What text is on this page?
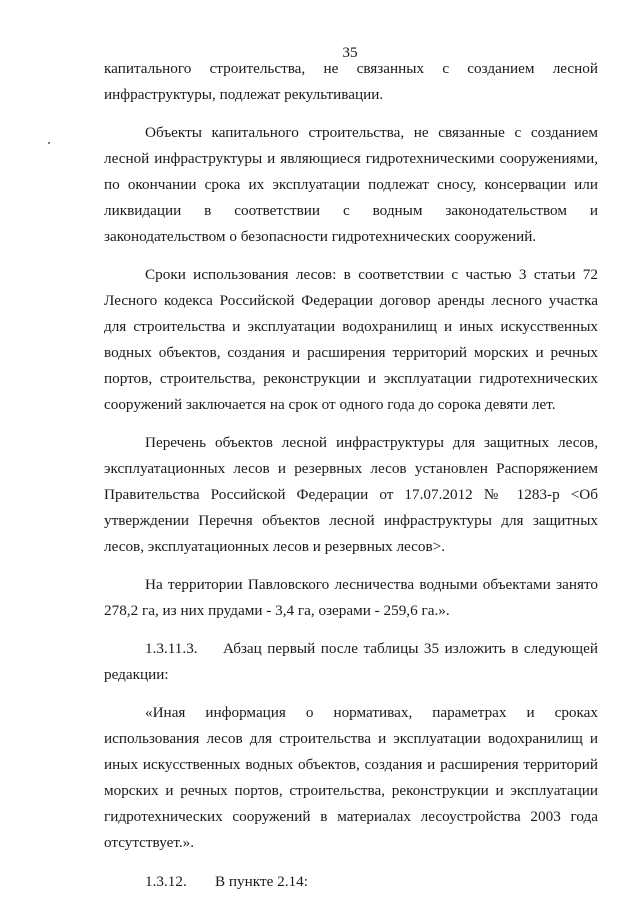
35

капитального строительства, не связанных с созданием лесной инфраструктуры, подлежат рекультивации.

Объекты капитального строительства, не связанные с созданием лесной инфраструктуры и являющиеся гидротехническими сооружениями, по окончании срока их эксплуатации подлежат сносу, консервации или ликвидации в соответствии с водным законодательством и законодательством о безопасности гидротехнических сооружений.

Сроки использования лесов: в соответствии с частью 3 статьи 72 Лесного кодекса Российской Федерации договор аренды лесного участка для строительства и эксплуатации водохранилищ и иных искусственных водных объектов, создания и расширения территорий морских и речных портов, строительства, реконструкции и эксплуатации гидротехнических сооружений заключается на срок от одного года до сорока девяти лет.

Перечень объектов лесной инфраструктуры для защитных лесов, эксплуатационных лесов и резервных лесов установлен Распоряжением Правительства Российской Федерации от 17.07.2012 № 1283-р <Об утверждении Перечня объектов лесной инфраструктуры для защитных лесов, эксплуатационных лесов и резервных лесов>.

На территории Павловского лесничества водными объектами занято 278,2 га, из них прудами - 3,4 га, озерами - 259,6 га.».

1.3.11.3. Абзац первый после таблицы 35 изложить в следующей редакции:

«Иная информация о нормативах, параметрах и сроках использования лесов для строительства и эксплуатации водохранилищ и иных искусственных водных объектов, создания и расширения территорий морских и речных портов, строительства, реконструкции и эксплуатации гидротехнических сооружений в материалах лесоустройства 2003 года отсутствует.».

1.3.12. В пункте 2.14:
